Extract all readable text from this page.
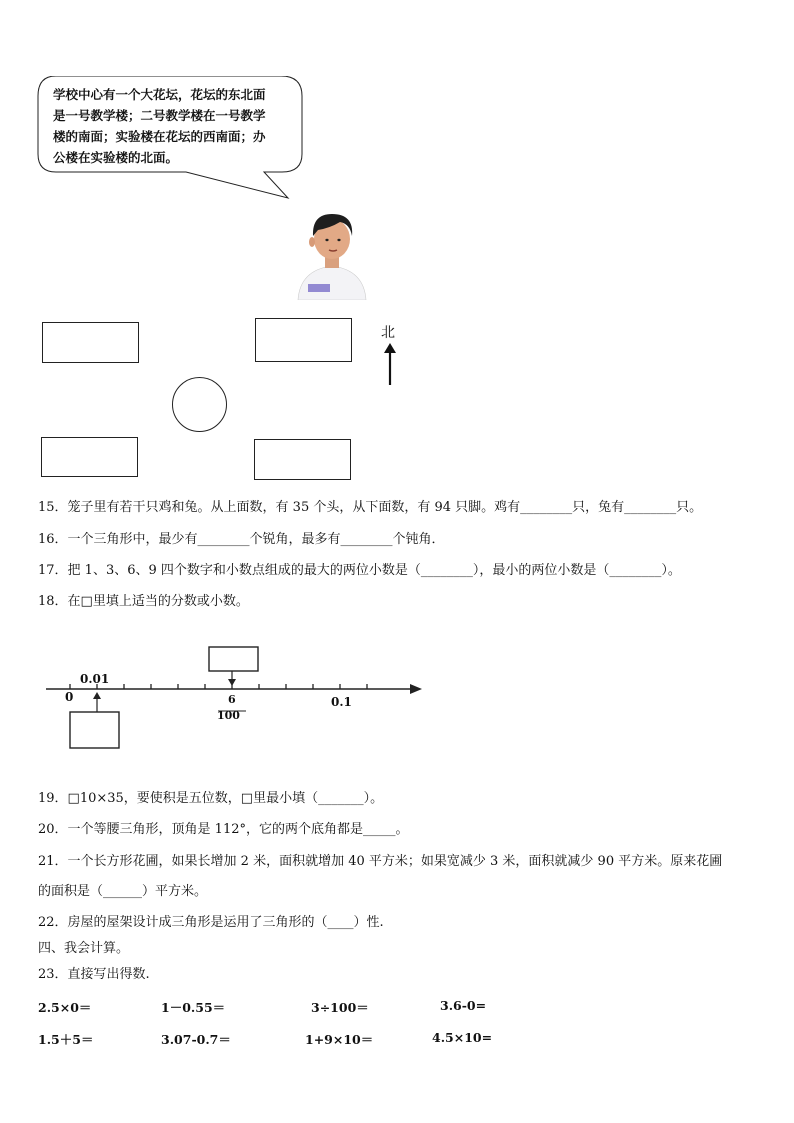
学校中心有一个大花坛，花坛的东北面
是一号教学楼；二号教学楼在一号教学
楼的南面；实验楼在花坛的西南面；办
公楼在实验楼的北面。
北
15．笼子里有若干只鸡和兔。从上面数，有 35 个头，从下面数，有 94 只脚。鸡有________只，兔有________只。
16．一个三角形中，最少有________个锐角，最多有________个钝角．
17．把 1、3、6、9 四个数字和小数点组成的最大的两位小数是（________），最小的两位小数是（________）。
18．在□里填上适当的分数或小数。
0
0.01
6
100
0.1
19．□10×35，要使积是五位数，□里最小填（_______）。
20．一个等腰三角形，顶角是 112°，它的两个底角都是_____。
21．一个长方形花圃，如果长增加 2 米，面积就增加 40 平方米；如果宽减少 3 米，面积就减少 90 平方米。原来花圃
的面积是（______）平方米。
22．房屋的屋架设计成三角形是运用了三角形的（____）性.
四、我会计算。
23．直接写出得数.
2.5×0＝	1－0.55＝	3÷100＝	3.6-0=
1.5＋5＝	3.07-0.7＝	1+9×10＝	4.5×10=
